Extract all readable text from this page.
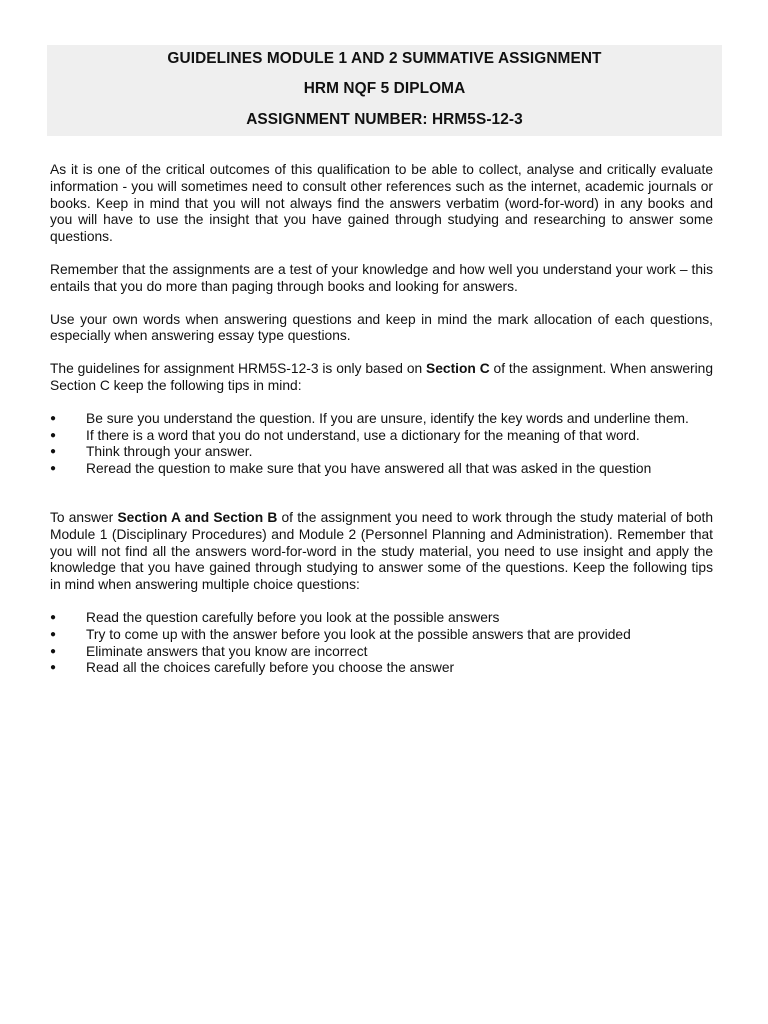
GUIDELINES MODULE 1 AND 2 SUMMATIVE ASSIGNMENT
HRM NQF 5 DIPLOMA
ASSIGNMENT NUMBER: HRM5S-12-3

As it is one of the critical outcomes of this qualification to be able to collect, analyse and critically evaluate information - you will sometimes need to consult other references such as the internet, academic journals or books. Keep in mind that you will not always find the answers verbatim (word-for-word) in any books and you will have to use the insight that you have gained through studying and researching to answer some questions.

Remember that the assignments are a test of your knowledge and how well you understand your work – this entails that you do more than paging through books and looking for answers.

Use your own words when answering questions and keep in mind the mark allocation of each questions, especially when answering essay type questions.

The guidelines for assignment HRM5S-12-3 is only based on Section C of the assignment. When answering Section C keep the following tips in mind:

● Be sure you understand the question. If you are unsure, identify the key words and underline them.
● If there is a word that you do not understand, use a dictionary for the meaning of that word.
● Think through your answer.
● Reread the question to make sure that you have answered all that was asked in the question

To answer Section A and Section B of the assignment you need to work through the study material of both Module 1 (Disciplinary Procedures) and Module 2 (Personnel Planning and Administration). Remember that you will not find all the answers word-for-word in the study material, you need to use insight and apply the knowledge that you have gained through studying to answer some of the questions. Keep the following tips in mind when answering multiple choice questions:

● Read the question carefully before you look at the possible answers
● Try to come up with the answer before you look at the possible answers that are provided
● Eliminate answers that you know are incorrect
● Read all the choices carefully before you choose the answer
